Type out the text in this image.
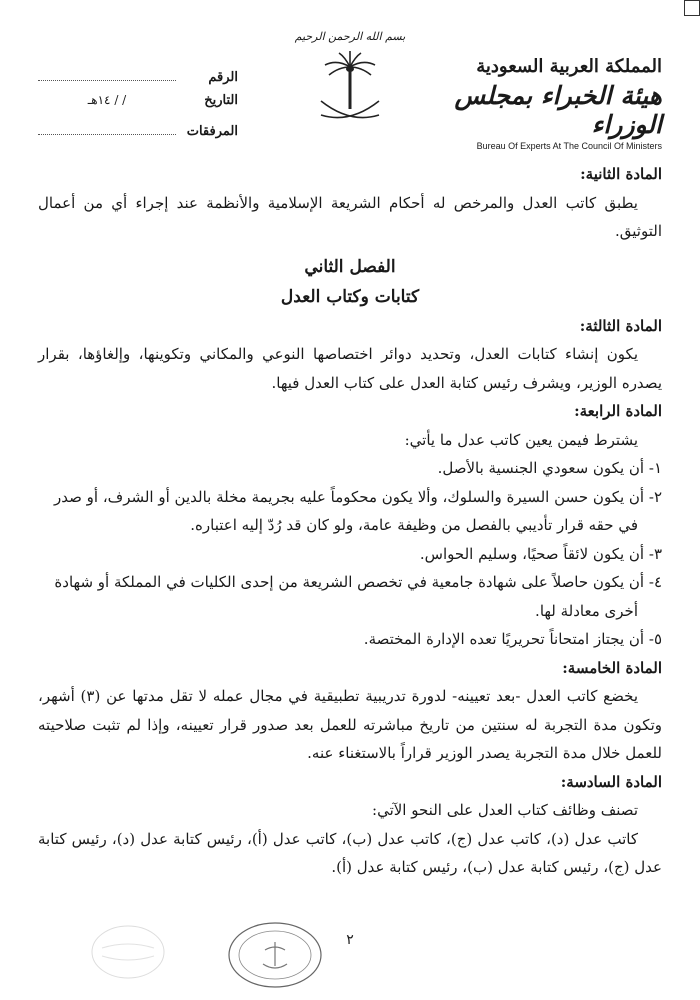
المملكة العربية السعودية
هيئة الخبراء بمجلس الوزراء
Bureau Of Experts At The Council Of Ministers
بسم الله الرحمن الرحيم
الرقم
التاريخ
/ / ١٤هـ
المرفقات
المادة الثانية:
يطبق كاتب العدل والمرخص له أحكام الشريعة الإسلامية والأنظمة عند إجراء أي من أعمال التوثيق.
الفصل الثاني
كتابات وكتاب العدل
المادة الثالثة:
يكون إنشاء كتابات العدل، وتحديد دوائر اختصاصها النوعي والمكاني وتكوينها، وإلغاؤها، بقرار يصدره الوزير، ويشرف رئيس كتابة العدل على كتاب العدل فيها.
المادة الرابعة:
يشترط فيمن يعين كاتب عدل ما يأتي:
١- أن يكون سعودي الجنسية بالأصل.
٢- أن يكون حسن السيرة والسلوك، وألا يكون محكوماً عليه بجريمة مخلة بالدين أو الشرف، أو صدر في حقه قرار تأديبي بالفصل من وظيفة عامة، ولو كان قد رُدّ إليه اعتباره.
٣- أن يكون لائقاً صحيًا، وسليم الحواس.
٤- أن يكون حاصلاً على شهادة جامعية في تخصص الشريعة من إحدى الكليات في المملكة أو شهادة أخرى معادلة لها.
٥- أن يجتاز امتحاناً تحريريًا تعده الإدارة المختصة.
المادة الخامسة:
يخضع كاتب العدل -بعد تعيينه- لدورة تدريبية تطبيقية في مجال عمله لا تقل مدتها عن (٣) أشهر، وتكون مدة التجربة له سنتين من تاريخ مباشرته للعمل بعد صدور قرار تعيينه، وإذا لم تثبت صلاحيته للعمل خلال مدة التجربة يصدر الوزير قراراً بالاستغناء عنه.
المادة السادسة:
تصنف وظائف كتاب العدل على النحو الآتي:
كاتب عدل (د)، كاتب عدل (ج)، كاتب عدل (ب)، كاتب عدل (أ)، رئيس كتابة عدل (د)، رئيس كتابة عدل (ج)، رئيس كتابة عدل (ب)، رئيس كتابة عدل (أ).
٢
